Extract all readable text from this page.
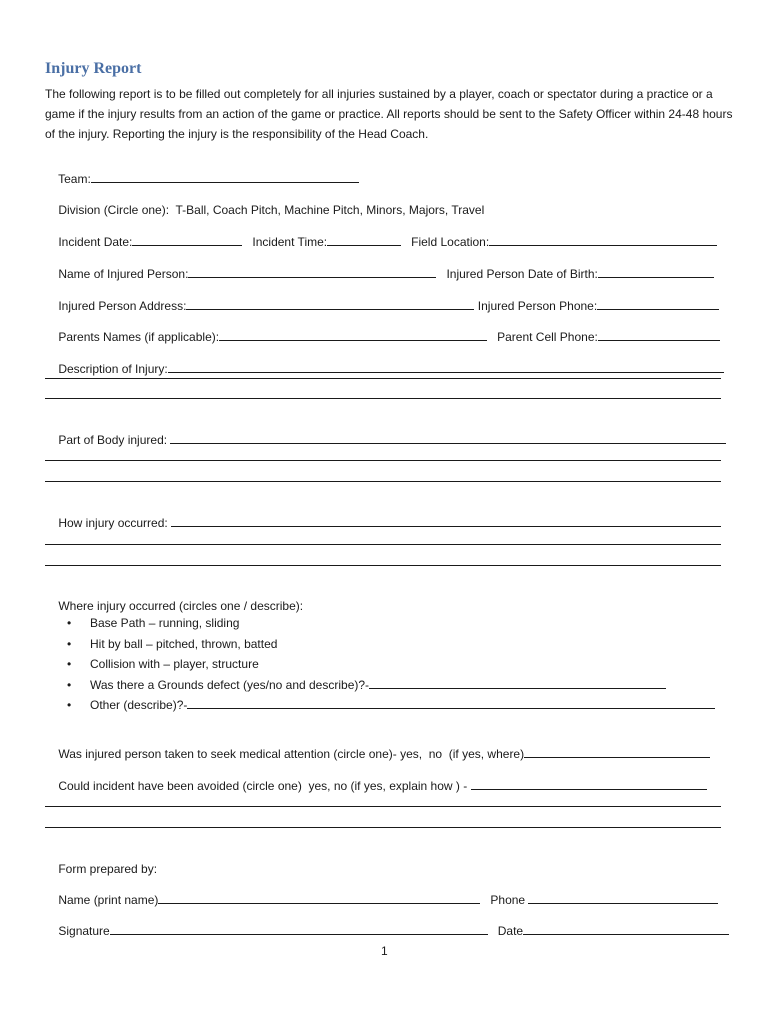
Injury Report
The following report is to be filled out completely for all injuries sustained by a player, coach or spectator during a practice or a game if the injury results from an action of the game or practice. All reports should be sent to the Safety Officer within 24-48 hours of the injury. Reporting the injury is the responsibility of the Head Coach.

Team:

Division (Circle one):  T-Ball, Coach Pitch, Machine Pitch, Minors, Majors, Travel

Incident Date:	Incident Time:	Field Location:

Name of Injured Person:	Injured Person Date of Birth:

Injured Person Address:	Injured Person Phone:

Parents Names (if applicable):	Parent Cell Phone:

Description of Injury:

Part of Body injured:

How injury occurred:

Where injury occurred (circles one / describe):

• Base Path – running, sliding
• Hit by ball – pitched, thrown, batted
• Collision with – player, structure
• Was there a Grounds defect (yes/no and describe)?-
• Other (describe)?-

Was injured person taken to seek medical attention (circle one)- yes,  no  (if yes, where)

Could incident have been avoided (circle one)  yes, no (if yes, explain how ) -

Form prepared by:

Name (print name)	Phone

Signature	Date

1
